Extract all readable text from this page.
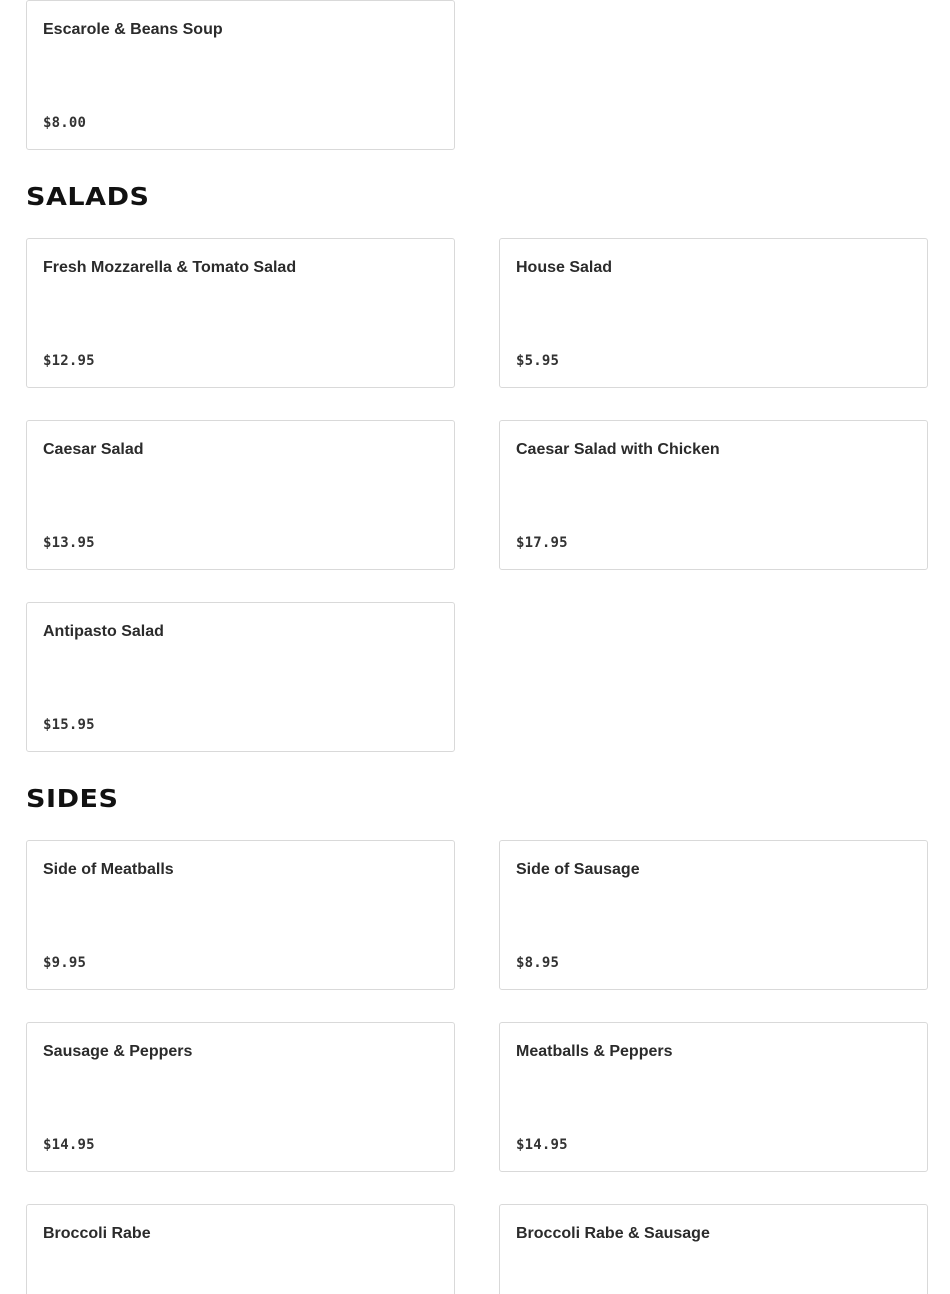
Escarole & Beans Soup
$8.00
SALADS
Fresh Mozzarella & Tomato Salad
$12.95
House Salad
$5.95
Caesar Salad
$13.95
Caesar Salad with Chicken
$17.95
Antipasto Salad
$15.95
SIDES
Side of Meatballs
$9.95
Side of Sausage
$8.95
Sausage & Peppers
$14.95
Meatballs & Peppers
$14.95
Broccoli Rabe	Broccoli Rabe & Sausage
